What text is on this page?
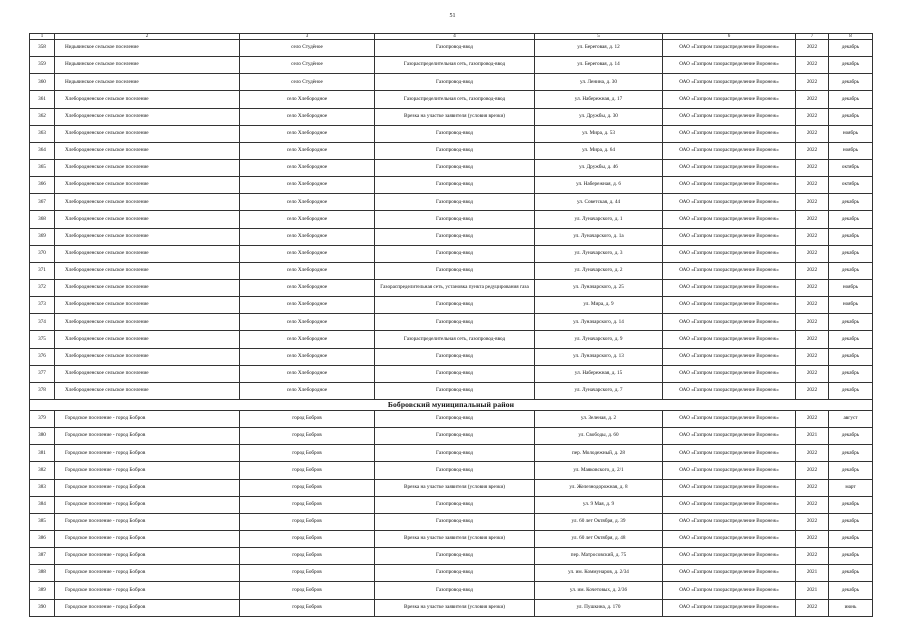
51
1	2	3	4	5	6	7	8
358	Нидьяинское сельское поселение	село Студёное	Газопровод-ввод	ул. Береговая, д. 12	ОАО «Газпром газораспределение Воронеж»	2022	декабрь
359	Нидьяинское сельское поселение	село Студёное	Газораспределительная сеть, газопровод-ввод	ул. Береговая, д. 14	ОАО «Газпром газораспределение Воронеж»	2022	декабрь
360	Нидьяинское сельское поселение	село Студёное	Газопровод-ввод	ул. Ленина, д. 30	ОАО «Газпром газораспределение Воронеж»	2022	декабрь
361	Хлебородненское сельское поселение	село Хлебородное	Газораспределительная сеть, газопровод-ввод	ул. Набережная, д. 17	ОАО «Газпром газораспределение Воронеж»	2022	декабрь
362	Хлебородненское сельское поселение	село Хлебородное	Врезка на участке заявителя (условия врезки)	ул. Дружбы, д. 30	ОАО «Газпром газораспределение Воронеж»	2022	декабрь
363	Хлебородненское сельское поселение	село Хлебородное	Газопровод-ввод	ул. Мира, д. 53	ОАО «Газпром газораспределение Воронеж»	2022	ноябрь
364	Хлебородненское сельское поселение	село Хлебородное	Газопровод-ввод	ул. Мира, д. 64	ОАО «Газпром газораспределение Воронеж»	2022	ноябрь
365	Хлебородненское сельское поселение	село Хлебородное	Газопровод-ввод	ул. Дружбы, д. 46	ОАО «Газпром газораспределение Воронеж»	2022	октябрь
366	Хлебородненское сельское поселение	село Хлебородное	Газопровод-ввод	ул. Набережная, д. 6	ОАО «Газпром газораспределение Воронеж»	2022	октябрь
367	Хлебородненское сельское поселение	село Хлебородное	Газопровод-ввод	ул. Советская, д. 44	ОАО «Газпром газораспределение Воронеж»	2022	декабрь
368	Хлебородненское сельское поселение	село Хлебородное	Газопровод-ввод	ул. Луначарского, д. 1	ОАО «Газпром газораспределение Воронеж»	2022	декабрь
369	Хлебородненское сельское поселение	село Хлебородное	Газопровод-ввод	ул. Луначарского, д. 1а	ОАО «Газпром газораспределение Воронеж»	2022	декабрь
370	Хлебородненское сельское поселение	село Хлебородное	Газопровод-ввод	ул. Луначарского, д. 3	ОАО «Газпром газораспределение Воронеж»	2022	декабрь
371	Хлебородненское сельское поселение	село Хлебородное	Газопровод-ввод	ул. Луначарского, д. 2	ОАО «Газпром газораспределение Воронеж»	2022	декабрь
372	Хлебородненское сельское поселение	село Хлебородное	Газораспределительная сеть, установка пункта редуцирования газа	ул. Луначарского, д. 25	ОАО «Газпром газораспределение Воронеж»	2022	ноябрь
373	Хлебородненское сельское поселение	село Хлебородное	Газопровод-ввод	ул. Мира, д. 9	ОАО «Газпром газораспределение Воронеж»	2022	ноябрь
374	Хлебородненское сельское поселение	село Хлебородное	Газопровод-ввод	ул. Луначарского, д. 14	ОАО «Газпром газораспределение Воронеж»	2022	декабрь
375	Хлебородненское сельское поселение	село Хлебородное	Газораспределительная сеть, газопровод-ввод	ул. Луначарского, д. 9	ОАО «Газпром газораспределение Воронеж»	2022	декабрь
376	Хлебородненское сельское поселение	село Хлебородное	Газопровод-ввод	ул. Луначарского, д. 13	ОАО «Газпром газораспределение Воронеж»	2022	декабрь
377	Хлебородненское сельское поселение	село Хлебородное	Газопровод-ввод	ул. Набережная, д. 15	ОАО «Газпром газораспределение Воронеж»	2022	декабрь
378	Хлебородненское сельское поселение	село Хлебородное	Газопровод-ввод	ул. Луначарского, д. 7	ОАО «Газпром газораспределение Воронеж»	2022	декабрь
Бобровский муниципальный район							
379	Городское поселение - город Бобров	город Бобров	Газопровод-ввод	ул. Зеленая, д. 2	ОАО «Газпром газораспределение Воронеж»	2022	август
380	Городское поселение - город Бобров	город Бобров	Газопровод-ввод	ул. Свободы, д. 60	ОАО «Газпром газораспределение Воронеж»	2021	декабрь
381	Городское поселение - город Бобров	город Бобров	Газопровод-ввод	пер. Молодежный, д. 28	ОАО «Газпром газораспределение Воронеж»	2022	декабрь
382	Городское поселение - город Бобров	город Бобров	Газопровод-ввод	ул. Маяковского, д. 2/1	ОАО «Газпром газораспределение Воронеж»	2022	декабрь
383	Городское поселение - город Бобров	город Бобров	Врезка на участке заявителя (условия врезки)	ул. Железнодорожная, д. 8	ОАО «Газпром газораспределение Воронеж»	2022	март
384	Городское поселение - город Бобров	город Бобров	Газопровод-ввод	ул. 9 Мая, д. 9	ОАО «Газпром газораспределение Воронеж»	2022	декабрь
385	Городское поселение - город Бобров	город Бобров	Газопровод-ввод	ул. 60 лет Октября, д. 39	ОАО «Газпром газораспределение Воронеж»	2022	декабрь
386	Городское поселение - город Бобров	город Бобров	Врезка на участке заявителя (условия врезки)	ул. 60 лет Октября, д. 48	ОАО «Газпром газораспределение Воронеж»	2022	декабрь
387	Городское поселение - город Бобров	город Бобров	Газопровод-ввод	пер. Матросовский, д. 75	ОАО «Газпром газораспределение Воронеж»	2022	декабрь
388	Городское поселение - город Бобров	город Бобров	Газопровод-ввод	ул. им. Коммунаров, д. 2/34	ОАО «Газпром газораспределение Воронеж»	2021	декабрь
389	Городское поселение - город Бобров	город Бобров	Газопровод-ввод	ул. им. Кочетовых, д. 2/36	ОАО «Газпром газораспределение Воронеж»	2021	декабрь
390	Городское поселение - город Бобров	город Бобров	Врезка на участке заявителя (условия врезки)	ул. Пушкина, д. 170	ОАО «Газпром газораспределение Воронеж»	2022	июнь
